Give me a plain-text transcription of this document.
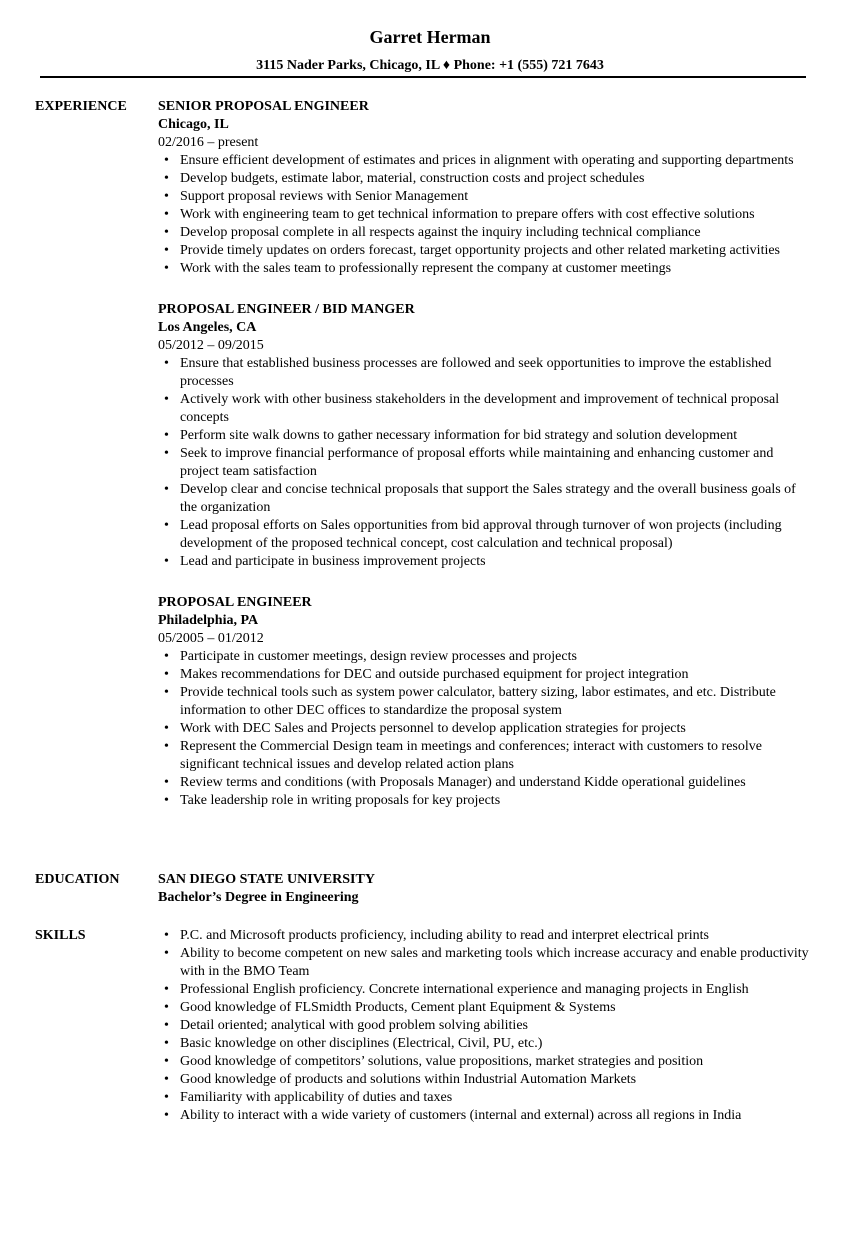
Garret Herman
3115 Nader Parks, Chicago, IL ♦ Phone: +1 (555) 721 7643
EXPERIENCE	SENIOR PROPOSAL ENGINEER
Chicago, IL
02/2016 – present
• Ensure efficient development of estimates and prices in alignment with operating and supporting departments
• Develop budgets, estimate labor, material, construction costs and project schedules
• Support proposal reviews with Senior Management
• Work with engineering team to get technical information to prepare offers with cost effective solutions
• Develop proposal complete in all respects against the inquiry including technical compliance
• Provide timely updates on orders forecast, target opportunity projects and other related marketing activities
• Work with the sales team to professionally represent the company at customer meetings
PROPOSAL ENGINEER / BID MANGER
Los Angeles, CA
05/2012 – 09/2015
• Ensure that established business processes are followed and seek opportunities to improve the established processes
• Actively work with other business stakeholders in the development and improvement of technical proposal concepts
• Perform site walk downs to gather necessary information for bid strategy and solution development
• Seek to improve financial performance of proposal efforts while maintaining and enhancing customer and project team satisfaction
• Develop clear and concise technical proposals that support the Sales strategy and the overall business goals of the organization
• Lead proposal efforts on Sales opportunities from bid approval through turnover of won projects (including development of the proposed technical concept, cost calculation and technical proposal)
• Lead and participate in business improvement projects
PROPOSAL ENGINEER
Philadelphia, PA
05/2005 – 01/2012
• Participate in customer meetings, design review processes and projects
• Makes recommendations for DEC and outside purchased equipment for project integration
• Provide technical tools such as system power calculator, battery sizing, labor estimates, and etc. Distribute information to other DEC offices to standardize the proposal system
• Work with DEC Sales and Projects personnel to develop application strategies for projects
• Represent the Commercial Design team in meetings and conferences; interact with customers to resolve significant technical issues and develop related action plans
• Review terms and conditions (with Proposals Manager) and understand Kidde operational guidelines
• Take leadership role in writing proposals for key projects
EDUCATION	SAN DIEGO STATE UNIVERSITY
Bachelor’s Degree in Engineering
SKILLS	• P.C. and Microsoft products proficiency, including ability to read and interpret electrical prints
• Ability to become competent on new sales and marketing tools which increase accuracy and enable productivity with in the BMO Team
• Professional English proficiency. Concrete international experience and managing projects in English
• Good knowledge of FLSmidth Products, Cement plant Equipment & Systems
• Detail oriented; analytical with good problem solving abilities
• Basic knowledge on other disciplines (Electrical, Civil, PU, etc.)
• Good knowledge of competitors’ solutions, value propositions, market strategies and position
• Good knowledge of products and solutions within Industrial Automation Markets
• Familiarity with applicability of duties and taxes
• Ability to interact with a wide variety of customers (internal and external) across all regions in India
